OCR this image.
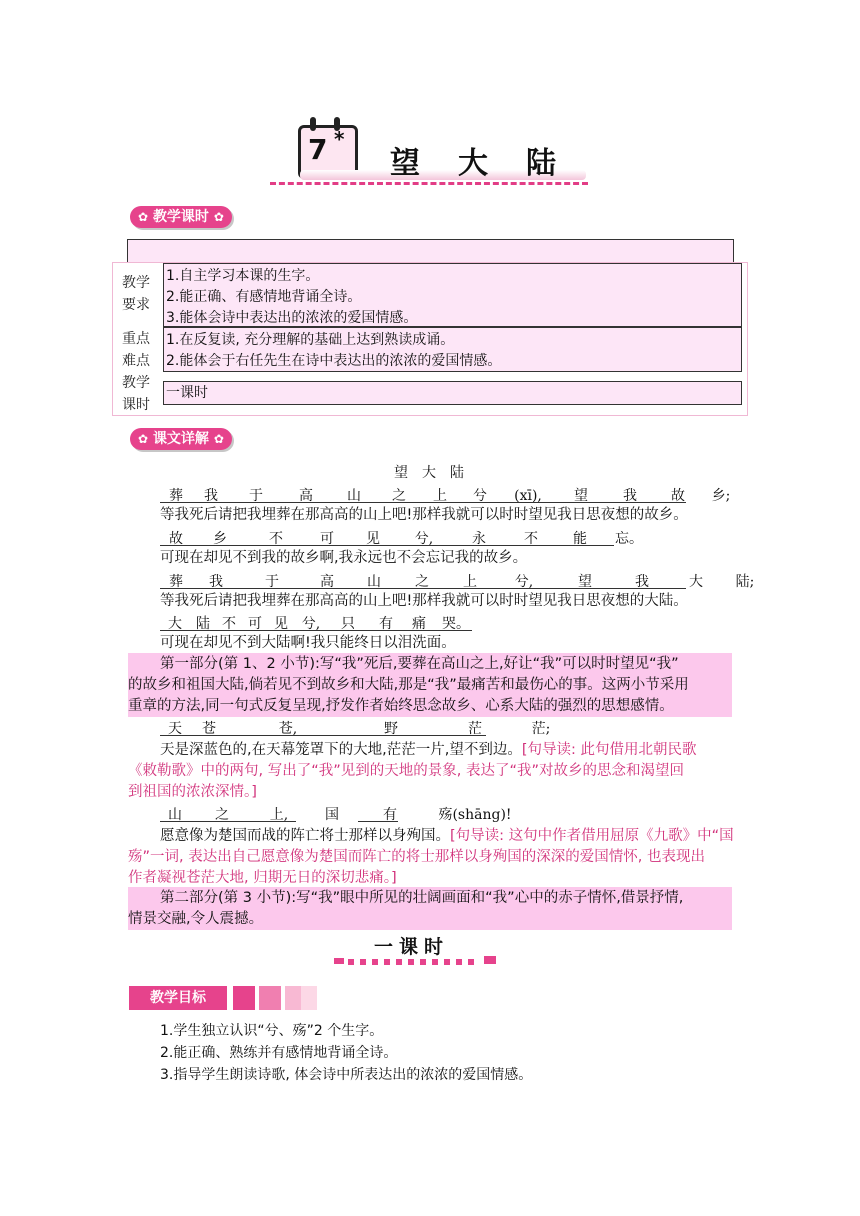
7 *
望 大 陆
✿ 教学课时 ✿
教学
要求
1.自主学习本课的生字。
2.能正确、有感情地背诵全诗。
3.能体会诗中表达出的浓浓的爱国情感。
重点
难点
1.在反复读, 充分理解的基础上达到熟读成诵。
2.能体会于右任先生在诗中表达出的浓浓的爱国情感。
教学
课时
一课时
✿ 课文详解 ✿
望　大　陆
葬 我 于	高 山 之 上 兮 (xī), 望	我 故 乡;
等我死后请把我埋葬在那高高的山上吧!那样我就可以时时望见我日思夜想的故乡。
故 乡	不	可 见 兮,	永	不	能 忘。
可现在却见不到我的故乡啊,我永远也不会忘记我的故乡。
葬 我	于	高 山 之 上	兮,	望	我	大 陆;
等我死后请把我埋葬在那高高的山上吧!那样我就可以时时望见我日思夜想的大陆。
大 陆 不 可 见 兮, 只 有 痛 哭。
可现在却见不到大陆啊!我只能终日以泪洗面。
第一部分(第 1、2 小节):写“我”死后,要葬在高山之上,好让“我”可以时时望见“我”
的故乡和祖国大陆,倘若见不到故乡和大陆,那是“我”最痛苦和最伤心的事。这两小节采用
重章的方法,同一句式反复呈现,抒发作者始终思念故乡、心系大陆的强烈的思想感情。
天 苍	苍,	野	茫	茫;
天是深蓝色的,在天幕笼罩下的大地,茫茫一片,望不到边。[句导读: 此句借用北朝民歌
《敕勒歌》中的两句, 写出了“我”见到的天地的景象, 表达了“我”对故乡的思念和渴望回
到祖国的浓浓深情。]
山 之	上,	国	有	殇(shāng)!
愿意像为楚国而战的阵亡将士那样以身殉国。[句导读: 这句中作者借用屈原《九歌》中“国
殇”一词, 表达出自己愿意像为楚国而阵亡的将士那样以身殉国的深深的爱国情怀, 也表现出
作者凝视苍茫大地, 归期无日的深切悲痛。]
第二部分(第 3 小节):写“我”眼中所见的壮阔画面和“我”心中的赤子情怀,借景抒情,
情景交融,令人震撼。
一课时
教学目标
1.学生独立认识“兮、殇”2 个生字。
2.能正确、熟练并有感情地背诵全诗。
3.指导学生朗读诗歌, 体会诗中所表达出的浓浓的爱国情感。
